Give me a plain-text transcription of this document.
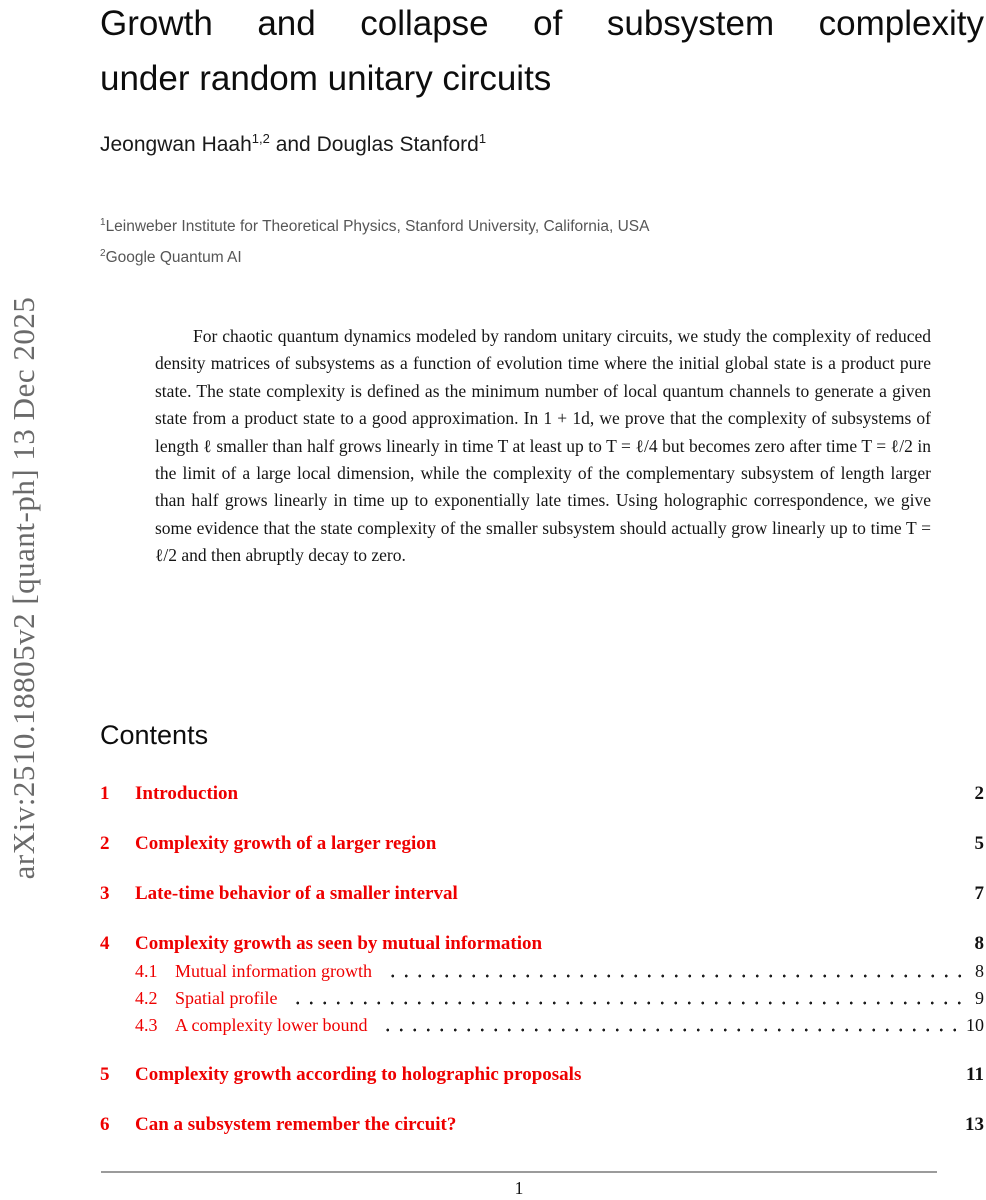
arXiv:2510.18805v2 [quant-ph] 13 Dec 2025
Growth and collapse of subsystem complexity
under random unitary circuits
Jeongwan Haah$^{1,2}$ and Douglas Stanford$^1$
$^1$Leinweber Institute for Theoretical Physics, Stanford University, California, USA
$^2$Google Quantum AI

For chaotic quantum dynamics modeled by random unitary circuits, we study the complexity of reduced density matrices of subsystems as a function of evolution time where the initial global state is a product pure state. The state complexity is defined as the minimum number of local quantum channels to generate a given state from a product state to a good approximation. In 1 + 1d, we prove that the complexity of subsystems of length ℓ smaller than half grows linearly in time T at least up to T = ℓ/4 but becomes zero after time T = ℓ/2 in the limit of a large local dimension, while the complexity of the complementary subsystem of length larger than half grows linearly in time up to exponentially late times. Using holographic correspondence, we give some evidence that the state complexity of the smaller subsystem should actually grow linearly up to time T = ℓ/2 and then abruptly decay to zero.

Contents
1	Introduction	2
2	Complexity growth of a larger region	5
3	Late-time behavior of a smaller interval	7
4	Complexity growth as seen by mutual information	8
4.1 Mutual information growth	8
4.2 Spatial profile	9
4.3 A complexity lower bound	10
5	Complexity growth according to holographic proposals	11
6	Can a subsystem remember the circuit?	13
1
